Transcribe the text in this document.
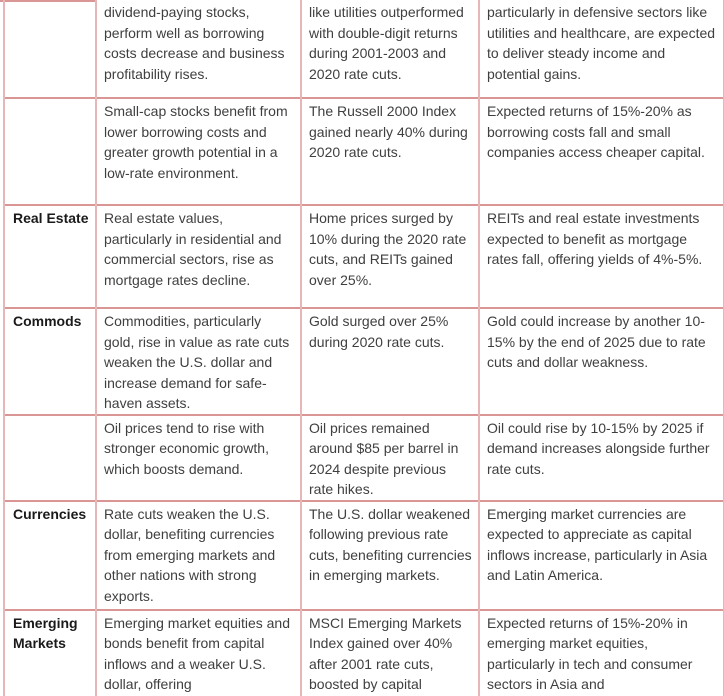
	dividend-paying stocks, perform well as borrowing costs decrease and business profitability rises.	like utilities outperformed with double-digit returns during 2001-2003 and 2020 rate cuts.	particularly in defensive sectors like utilities and healthcare, are expected to deliver steady income and potential gains.
	Small-cap stocks benefit from lower borrowing costs and greater growth potential in a low-rate environment.	The Russell 2000 Index gained nearly 40% during 2020 rate cuts.	Expected returns of 15%-20% as borrowing costs fall and small companies access cheaper capital.
Real Estate	Real estate values, particularly in residential and commercial sectors, rise as mortgage rates decline.	Home prices surged by 10% during the 2020 rate cuts, and REITs gained over 25%.	REITs and real estate investments expected to benefit as mortgage rates fall, offering yields of 4%-5%.
Commods	Commodities, particularly gold, rise in value as rate cuts weaken the U.S. dollar and increase demand for safe-haven assets.	Gold surged over 25% during 2020 rate cuts.	Gold could increase by another 10-15% by the end of 2025 due to rate cuts and dollar weakness.
	Oil prices tend to rise with stronger economic growth, which boosts demand.	Oil prices remained around $85 per barrel in 2024 despite previous rate hikes.	Oil could rise by 10-15% by 2025 if demand increases alongside further rate cuts.
Currencies	Rate cuts weaken the U.S. dollar, benefiting currencies from emerging markets and other nations with strong exports.	The U.S. dollar weakened following previous rate cuts, benefiting currencies in emerging markets.	Emerging market currencies are expected to appreciate as capital inflows increase, particularly in Asia and Latin America.
Emerging Markets	Emerging market equities and bonds benefit from capital inflows and a weaker U.S. dollar, offering	MSCI Emerging Markets Index gained over 40% after 2001 rate cuts, boosted by capital	Expected returns of 15%-20% in emerging market equities, particularly in tech and consumer sectors in Asia and
